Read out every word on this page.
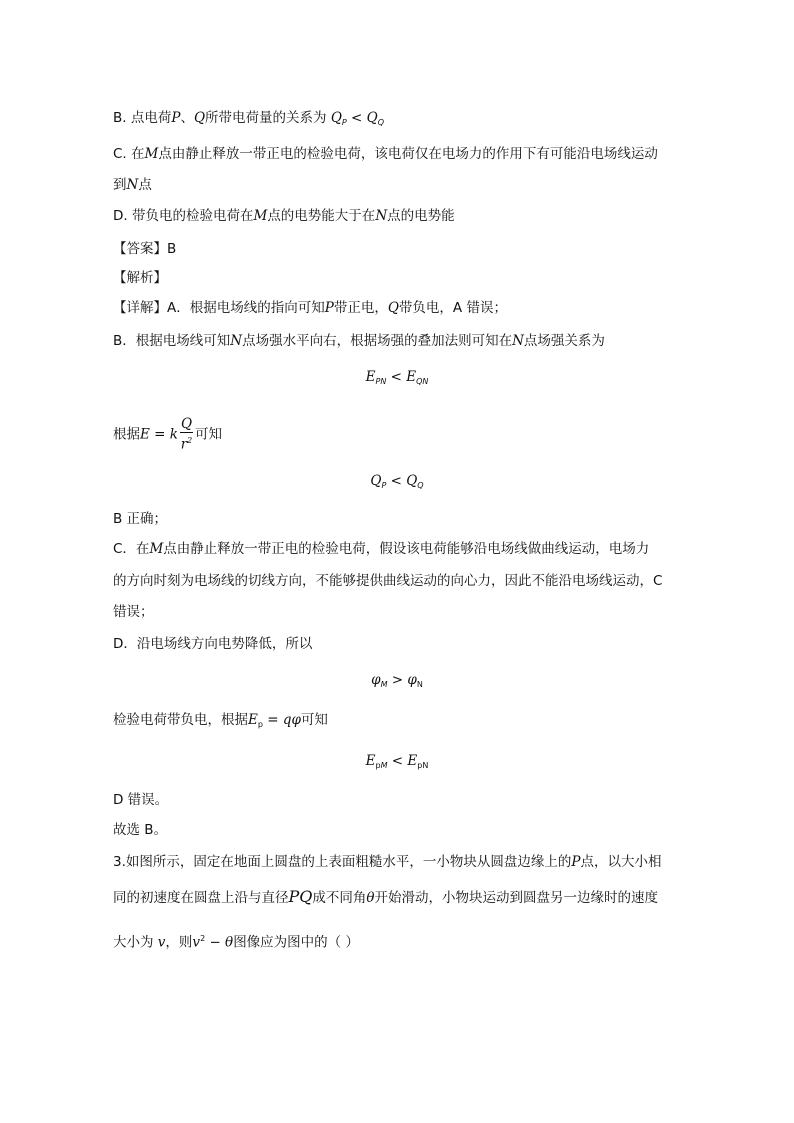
B. 点电荷P、Q所带电荷量的关系为 $Q_P < Q_Q$
C. 在M点由静止释放一带正电的检验电荷，该电荷仅在电场力的作用下有可能沿电场线运动
到N点
D. 带负电的检验电荷在M点的电势能大于在N点的电势能
【答案】B
【解析】
【详解】A．根据电场线的指向可知P带正电，Q带负电，A 错误；
B．根据电场线可知N点场强水平向右，根据场强的叠加法则可知在N点场强关系为
$E_{PN} < E_{QN}$
根据E = k $\frac{Q}{r^2}$ 可知
$Q_P < Q_Q$
B 正确；
C．在M点由静止释放一带正电的检验电荷，假设该电荷能够沿电场线做曲线运动，电场力
的方向时刻为电场线的切线方向，不能够提供曲线运动的向心力，因此不能沿电场线运动，C
错误；
D．沿电场线方向电势降低，所以
$\varphi_M > \varphi_N$
检验电荷带负电，根据$E_p = q\varphi$可知
$E_{pM} < E_{pN}$
D 错误。
故选 B。
3.如图所示，固定在地面上圆盘的上表面粗糙水平，一小物块从圆盘边缘上的P点，以大小相
同的初速度在圆盘上沿与直径PQ成不同角θ开始滑动，小物块运动到圆盘另一边缘时的速度
大小为 v，则$v^2 - \theta$图像应为图中的（ ）
